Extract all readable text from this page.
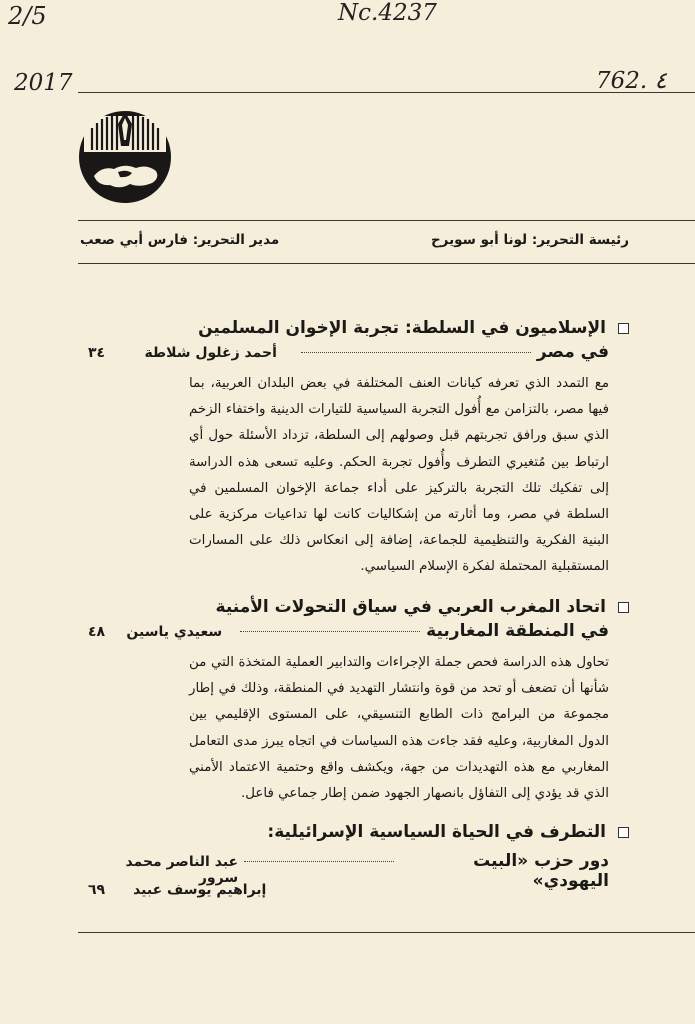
2/5	Nc.4237
2017	762. ٤
رئيسة التحرير: لونا أبو سويرح
مدير التحرير: فارس أبي صعب
الإسلاميون في السلطة: تجربة الإخوان المسلمين
في مصر
أحمد زغلول شلاطة
٣٤
مع التمدد الذي تعرفه كيانات العنف المختلفة في بعض البلدان العربية، بما فيها مصر، بالتزامن مع أُفول التجربة السياسية للتيارات الدينية واختفاء الزخم الذي سبق ورافق تجربتهم قبل وصولهم إلى السلطة، تزداد الأسئلة حول أي ارتباط بين مُتغيري التطرف وأُفول تجربة الحكم. وعليه تسعى هذه الدراسة إلى تفكيك تلك التجربة بالتركيز على أداء جماعة الإخوان المسلمين في السلطة في مصر، وما أثارته من إشكاليات كانت لها تداعيات مركزية على البنية الفكرية والتنظيمية للجماعة، إضافة إلى انعكاس ذلك على المسارات المستقبلية المحتملة لفكرة الإسلام السياسي.
اتحاد المغرب العربي في سياق التحولات الأمنية
في المنطقة المغاربية
سعيدي ياسين
٤٨
تحاول هذه الدراسة فحص جملة الإجراءات والتدابير العملية المتخذة التي من شأنها أن تضعف أو تحد من قوة وانتشار التهديد في المنطقة، وذلك في إطار مجموعة من البرامج ذات الطابع التنسيقي، على المستوى الإقليمي بين الدول المغاربية، وعليه فقد جاءت هذه السياسات في اتجاه يبرز مدى التعامل المغاربي مع هذه التهديدات من جهة، ويكشف واقع وحتمية الاعتماد الأمني الذي قد يؤدي إلى التفاؤل بانصهار الجهود ضمن إطار جماعي فاعل.
التطرف في الحياة السياسية الإسرائيلية:
دور حزب «البيت اليهودي»
عبد الناصر محمد سرور
إبراهيم يوسف عبيد
٦٩
